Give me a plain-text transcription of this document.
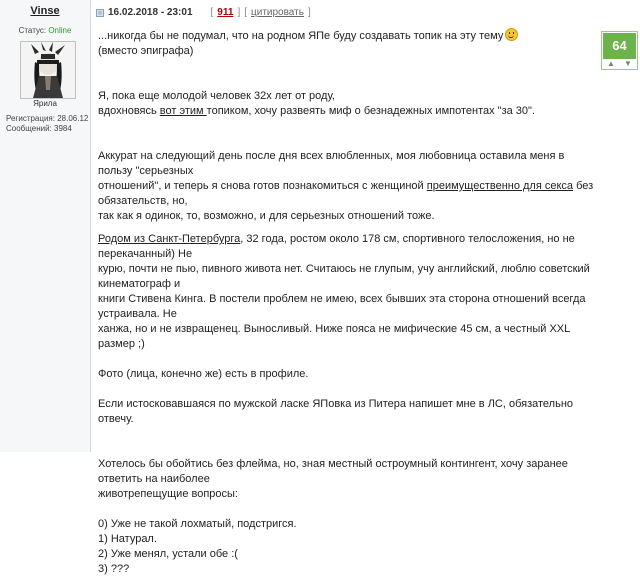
Vinse
Статус: Online
Ярила
Регистрация: 28.06.12
Сообщений: 3984
16.02.2018 - 23:01 [ 911 ] [ цитировать ]
64
▲	▼

...никогда бы не подумал, что на родном ЯПе буду создавать топик на эту тему

(вместо эпиграфа)

Я, пока еще молодой человек 32х лет от роду,

вдохновясь вот этим топиком, хочу развеять миф о безнадежных импотентах "за 30".

Аккурат на следующий день после дня всех влюбленных, моя любовница оставила меня в пользу "серьезных

отношений", и теперь я снова готов познакомиться с женщиной преимущественно для секса без обязательств, но,

так как я одинок, то, возможно, и для серьезных отношений тоже.

Родом из Санкт-Петербурга, 32 года, ростом около 178 см, спортивного телосложения, но не перекачанный) Не

курю, почти не пью, пивного живота нет. Считаюсь не глупым, учу английский, люблю советский кинематограф и

книги Стивена Кинга. В постели проблем не имею, всех бывших эта сторона отношений всегда устраивала. Не

ханжа, но и не извращенец. Выносливый. Ниже пояса не мифические 45 см, а честный XXL размер ;)

Фото (лица, конечно же) есть в профиле.

Если истосковавшаяся по мужской ласке ЯПовка из Питера напишет мне в ЛС, обязательно отвечу.

Хотелось бы обойтись без флейма, но, зная местный остроумный контингент, хочу заранее ответить на наиболее

животрепещущие вопросы:

0) Уже не такой лохматый, подстригся.

1) Натурал.

2) Уже менял, устали обе :(

3) ???
